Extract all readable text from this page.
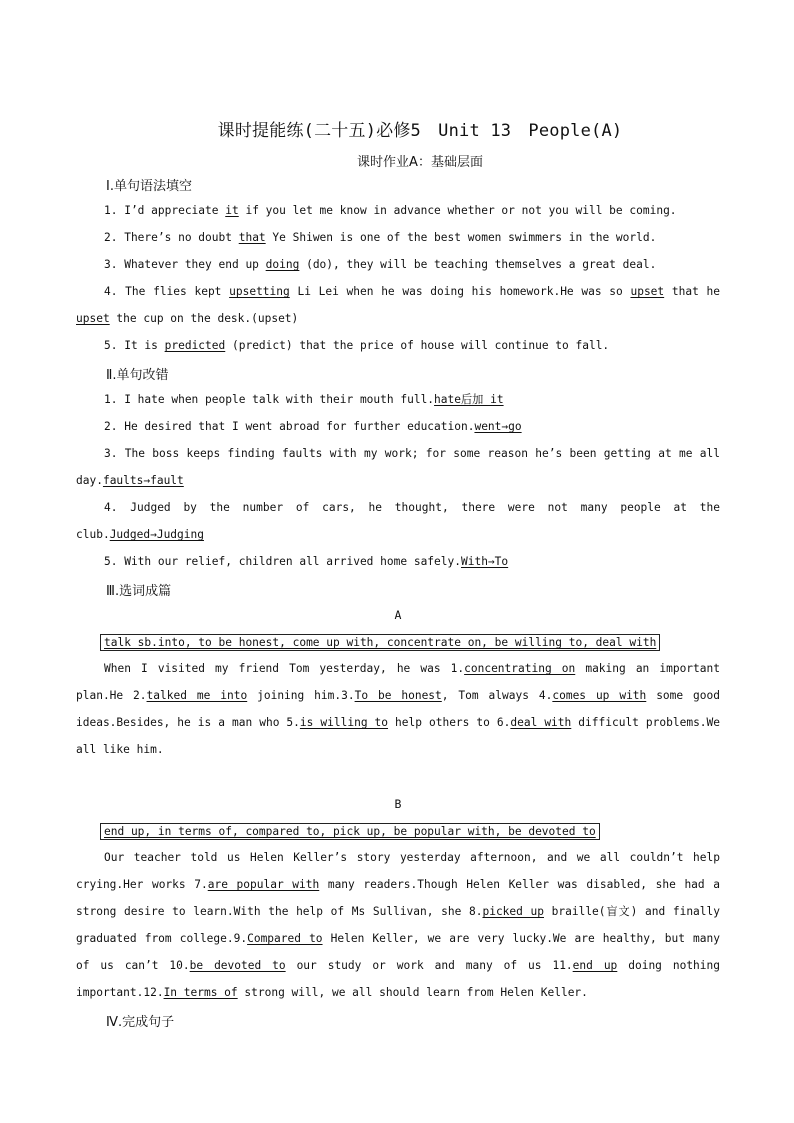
课时提能练(二十五)必修5　Unit 13　People(A)
课时作业A：基础层面
Ⅰ.单句语法填空
1. I’d appreciate it if you let me know in advance whether or not you will be coming.
2. There’s no doubt that Ye Shiwen is one of the best women swimmers in the world.
3. Whatever they end up doing (do), they will be teaching themselves a great deal.
4. The flies kept upsetting Li Lei when he was doing his homework.He was so upset that he upset the cup on the desk.(upset)
5. It is predicted (predict) that the price of house will continue to fall.
Ⅱ.单句改错
1. I hate when people talk with their mouth full.hate后加 it
2. He desired that I went abroad for further education.went→go
3. The boss keeps finding faults with my work; for some reason he’s been getting at me all day.faults→fault
4. Judged by the number of cars, he thought, there were not many people at the club.Judged→Judging
5. With our relief, children all arrived home safely.With→To
Ⅲ.选词成篇
A
talk sb.into, to be honest, come up with, concentrate on, be willing to, deal with
When I visited my friend Tom yesterday, he was 1.concentrating on making an important plan.He 2.talked me into joining him.3.To be honest, Tom always 4.comes up with some good ideas.Besides, he is a man who 5.is willing to help others to 6.deal with difficult problems.We all like him.
B
end up, in terms of, compared to, pick up, be popular with, be devoted to
Our teacher told us Helen Keller’s story yesterday afternoon, and we all couldn’t help crying.Her works 7.are popular with many readers.Though Helen Keller was disabled, she had a strong desire to learn.With the help of Ms Sullivan, she 8.picked up braille(盲文) and finally graduated from college.9.Compared to Helen Keller, we are very lucky.We are healthy, but many of us can’t 10.be devoted to our study or work and many of us 11.end up doing nothing important.12.In terms of strong will, we all should learn from Helen Keller.
Ⅳ.完成句子
